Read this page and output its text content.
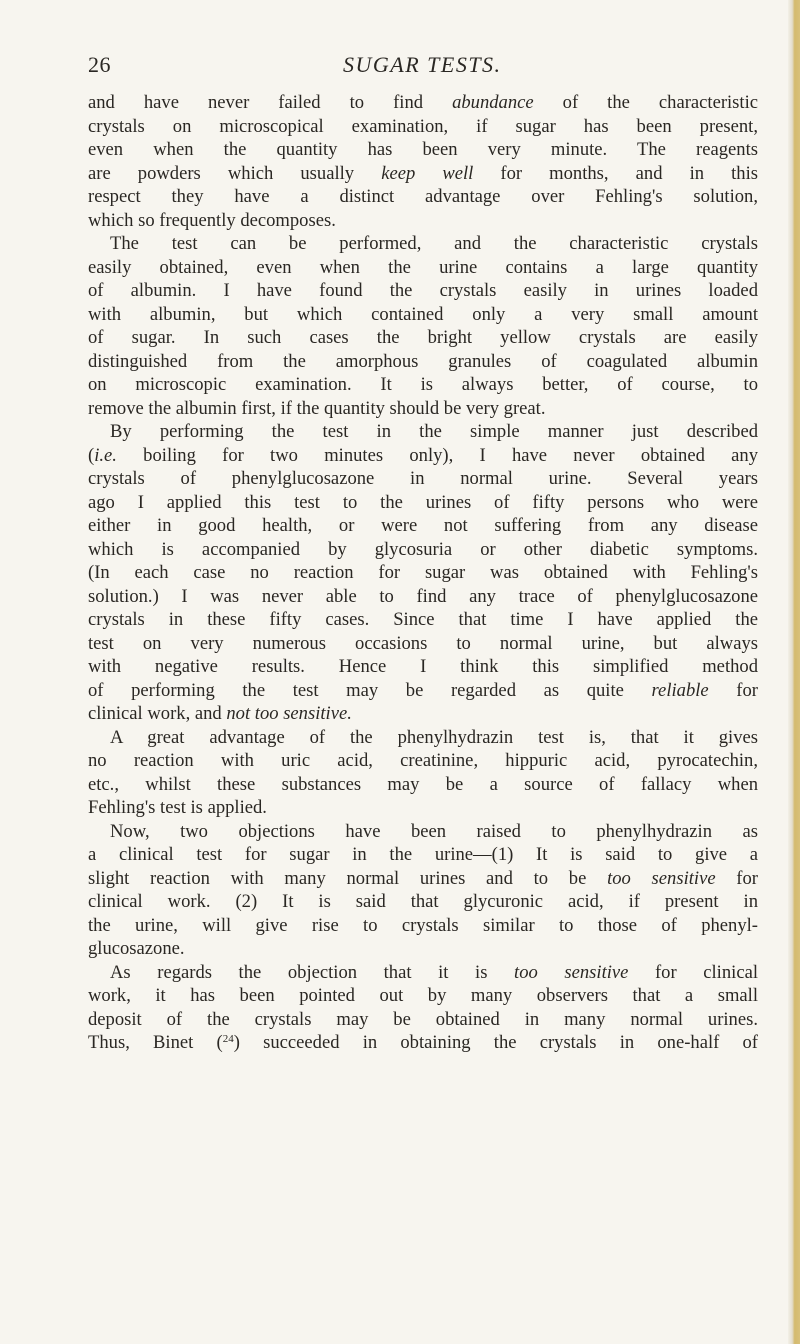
26	SUGAR TESTS.
and have never failed to find abundance of the characteristic
crystals on microscopical examination, if sugar has been present,
even when the quantity has been very minute. The reagents
are powders which usually keep well for months, and in this
respect they have a distinct advantage over Fehling's solution,
which so frequently decomposes.
The test can be performed, and the characteristic crystals
easily obtained, even when the urine contains a large quantity
of albumin. I have found the crystals easily in urines loaded
with albumin, but which contained only a very small amount
of sugar. In such cases the bright yellow crystals are easily
distinguished from the amorphous granules of coagulated albumin
on microscopic examination. It is always better, of course, to
remove the albumin first, if the quantity should be very great.
By performing the test in the simple manner just described
(i.e. boiling for two minutes only), I have never obtained any
crystals of phenylglucosazone in normal urine. Several years
ago I applied this test to the urines of fifty persons who were
either in good health, or were not suffering from any disease
which is accompanied by glycosuria or other diabetic symptoms.
(In each case no reaction for sugar was obtained with Fehling's
solution.) I was never able to find any trace of phenylglucosazone
crystals in these fifty cases. Since that time I have applied the
test on very numerous occasions to normal urine, but always
with negative results. Hence I think this simplified method
of performing the test may be regarded as quite reliable for
clinical work, and not too sensitive.
A great advantage of the phenylhydrazin test is, that it gives
no reaction with uric acid, creatinine, hippuric acid, pyrocatechin,
etc., whilst these substances may be a source of fallacy when
Fehling's test is applied.
Now, two objections have been raised to phenylhydrazin as
a clinical test for sugar in the urine—(1) It is said to give a
slight reaction with many normal urines and to be too sensitive for
clinical work. (2) It is said that glycuronic acid, if present in
the urine, will give rise to crystals similar to those of phenyl-
glucosazone.
As regards the objection that it is too sensitive for clinical
work, it has been pointed out by many observers that a small
deposit of the crystals may be obtained in many normal urines.
Thus, Binet ($^{24}$) succeeded in obtaining the crystals in one-half of
